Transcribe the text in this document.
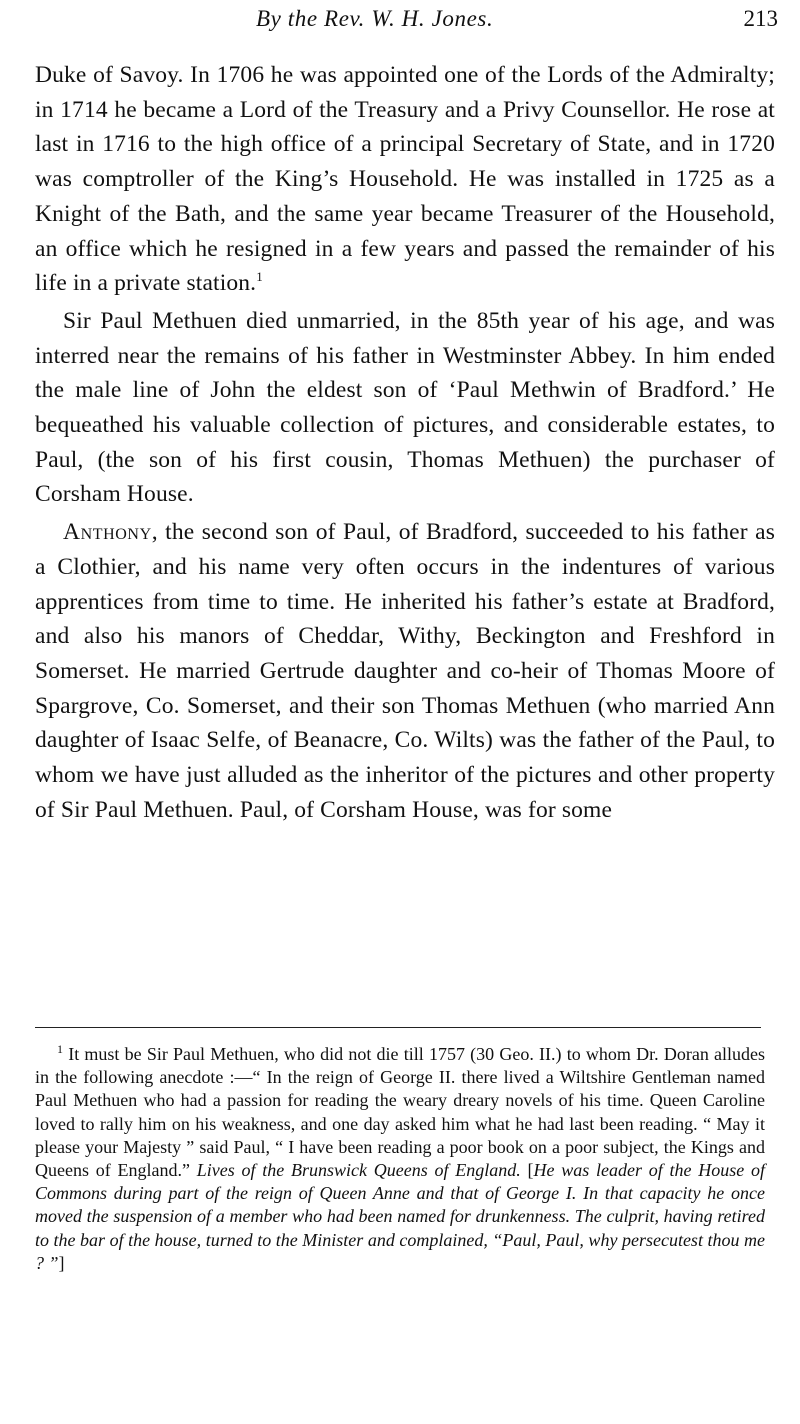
By the Rev. W. H. Jones.	213

Duke of Savoy. In 1706 he was appointed one of the Lords of the Admiralty; in 1714 he became a Lord of the Treasury and a Privy Counsellor. He rose at last in 1716 to the high office of a principal Secretary of State, and in 1720 was comptroller of the King’s Household. He was installed in 1725 as a Knight of the Bath, and the same year became Treasurer of the Household, an office which he resigned in a few years and passed the remainder of his life in a private station.$^1$

Sir Paul Methuen died unmarried, in the 85th year of his age, and was interred near the remains of his father in Westminster Abbey. In him ended the male line of John the eldest son of ‘Paul Methwin of Bradford.’ He bequeathed his valuable collection of pictures, and considerable estates, to Paul, (the son of his first cousin, Thomas Methuen) the purchaser of Corsham House.

Anthony, the second son of Paul, of Bradford, succeeded to his father as a Clothier, and his name very often occurs in the indentures of various apprentices from time to time. He inherited his father’s estate at Bradford, and also his manors of Cheddar, Withy, Beckington and Freshford in Somerset. He married Gertrude daughter and co-heir of Thomas Moore of Spargrove, Co. Somerset, and their son Thomas Methuen (who married Ann daughter of Isaac Selfe, of Beanacre, Co. Wilts) was the father of the Paul, to whom we have just alluded as the inheritor of the pictures and other property of Sir Paul Methuen. Paul, of Corsham House, was for some

$^1$ It must be Sir Paul Methuen, who did not die till 1757 (30 Geo. II.) to whom Dr. Doran alludes in the following anecdote :—“ In the reign of George II. there lived a Wiltshire Gentleman named Paul Methuen who had a passion for reading the weary dreary novels of his time. Queen Caroline loved to rally him on his weakness, and one day asked him what he had last been reading. “ May it please your Majesty ” said Paul, “ I have been reading a poor book on a poor subject, the Kings and Queens of England.” Lives of the Brunswick Queens of England. [He was leader of the House of Commons during part of the reign of Queen Anne and that of George I. In that capacity he once moved the suspension of a member who had been named for drunkenness. The culprit, having retired to the bar of the house, turned to the Minister and complained, “Paul, Paul, why persecutest thou me ? ”]
